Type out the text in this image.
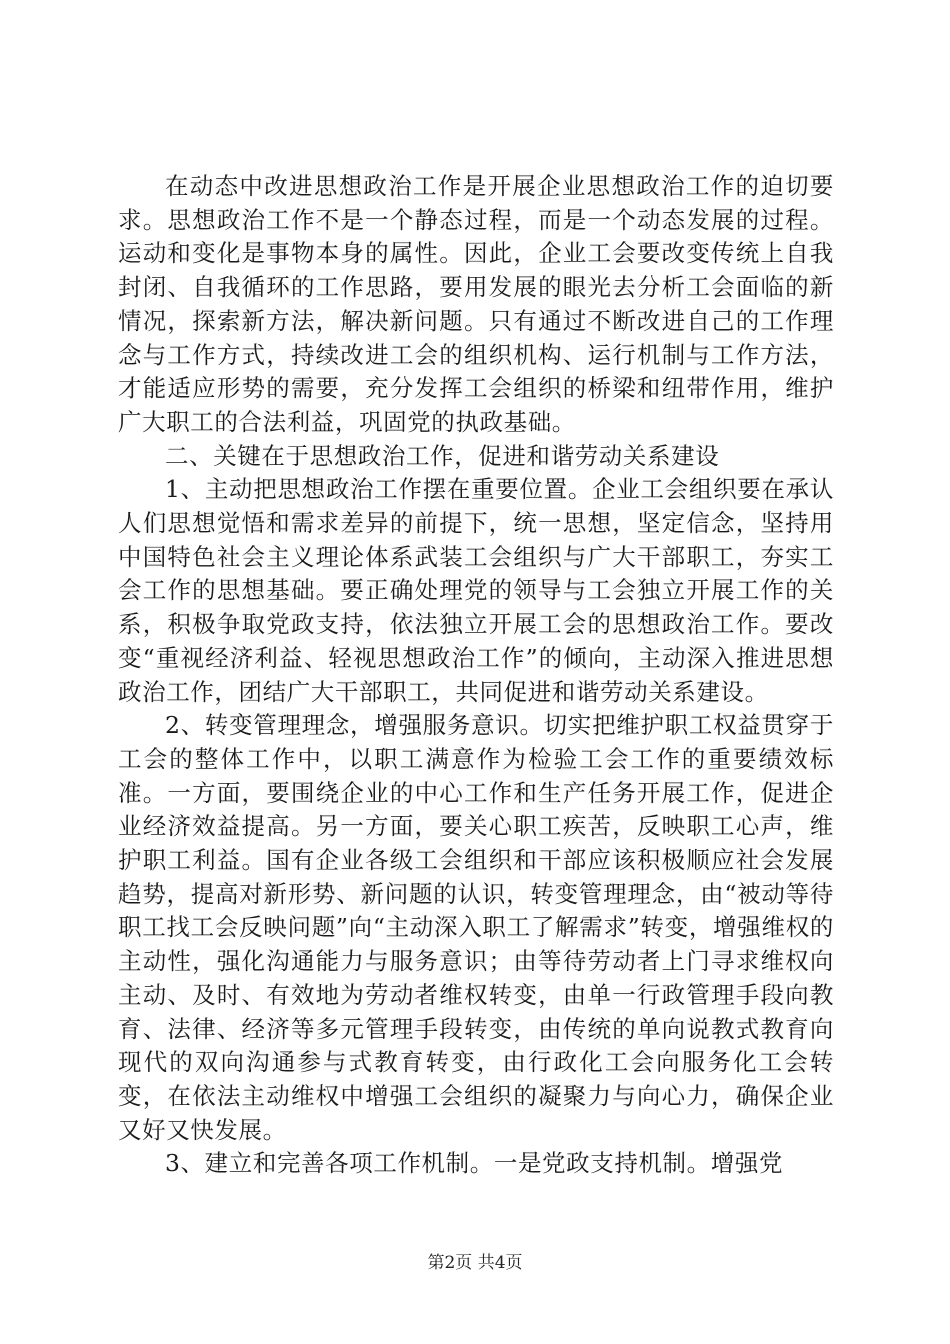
在动态中改进思想政治工作是开展企业思想政治工作的迫切要求。思想政治工作不是一个静态过程，而是一个动态发展的过程。运动和变化是事物本身的属性。因此，企业工会要改变传统上自我封闭、自我循环的工作思路，要用发展的眼光去分析工会面临的新情况，探索新方法，解决新问题。只有通过不断改进自己的工作理念与工作方式，持续改进工会的组织机构、运行机制与工作方法，才能适应形势的需要，充分发挥工会组织的桥梁和纽带作用，维护广大职工的合法利益，巩固党的执政基础。

二、关键在于思想政治工作，促进和谐劳动关系建设

1、主动把思想政治工作摆在重要位置。企业工会组织要在承认人们思想觉悟和需求差异的前提下，统一思想，坚定信念，坚持用中国特色社会主义理论体系武装工会组织与广大干部职工，夯实工会工作的思想基础。要正确处理党的领导与工会独立开展工作的关系，积极争取党政支持，依法独立开展工会的思想政治工作。要改变“重视经济利益、轻视思想政治工作”的倾向，主动深入推进思想政治工作，团结广大干部职工，共同促进和谐劳动关系建设。

2、转变管理理念，增强服务意识。切实把维护职工权益贯穿于工会的整体工作中，以职工满意作为检验工会工作的重要绩效标准。一方面，要围绕企业的中心工作和生产任务开展工作，促进企业经济效益提高。另一方面，要关心职工疾苦，反映职工心声，维护职工利益。国有企业各级工会组织和干部应该积极顺应社会发展趋势，提高对新形势、新问题的认识，转变管理理念，由“被动等待职工找工会反映问题”向“主动深入职工了解需求”转变，增强维权的主动性，强化沟通能力与服务意识；由等待劳动者上门寻求维权向主动、及时、有效地为劳动者维权转变，由单一行政管理手段向教育、法律、经济等多元管理手段转变，由传统的单向说教式教育向现代的双向沟通参与式教育转变，由行政化工会向服务化工会转变，在依法主动维权中增强工会组织的凝聚力与向心力，确保企业又好又快发展。

3、建立和完善各项工作机制。一是党政支持机制。增强党

第2页 共4页
